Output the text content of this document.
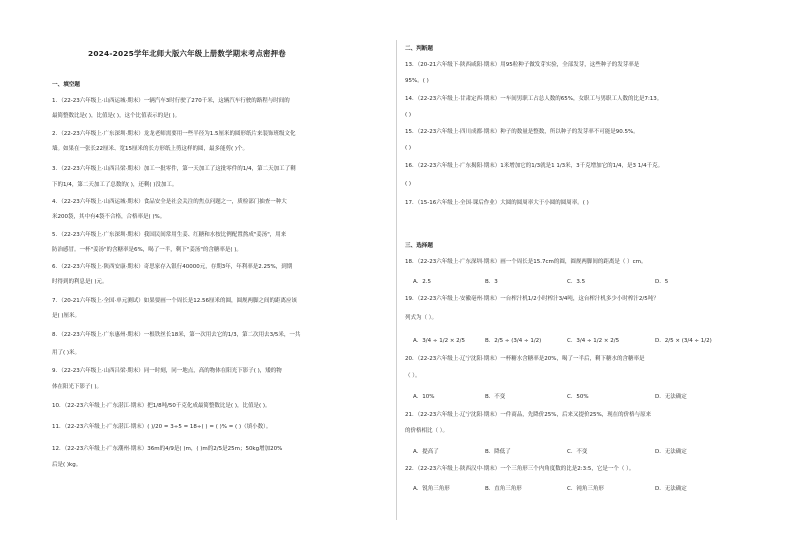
2024-2025学年北师大版六年级上册数学期末考点密押卷
一、填空题
1．（22-23六年级上·山西运城·期末）一辆汽车3时行驶了270千米，这辆汽车行驶的路程与时间的
最简整数比是( )，比值是( )，这个比值表示的是( )。
2．（22-23六年级上·广东深圳·期末）龙龙老师需要用一些半径为1.5厘米的圆形纸片来装饰班级文化
墙。如果在一张长22厘米、宽15厘米的长方形纸上剪这样的圆，最多能剪( )个。
3．（22-23六年级上·山西吕梁·期末）加工一批零件，第一天加工了这批零件的1/4，第二天加工了剩
下的1/4，第二天加工了总数的( )，还剩( )没加工。
4．（22-23六年级上·山西运城·期末）食品安全是社会关注的焦点问题之一，质检部门抽查一种大
米200袋，其中有4袋不合格，合格率是( )%。
5．（22-23六年级上·广东深圳·期末）我国民间常用生姜、红糖和水按比例配置熬成"姜汤"，用来
防治感冒。一杯"姜汤"的含糖率是6%，喝了一半，剩下"姜汤"的含糖率是( )。
6．（22-23六年级上·陕西安康·期末）奇思家存入银行40000元，存期3年，年利率是2.25%，到期
时得到的利息是( )元。
7．（20-21六年级上·全国·单元测试）如果要画一个周长是12.56厘米的圆，圆规两脚之间的距离应该
是( )厘米。
8．（22-23六年级上·广东惠州·期末）一根铁丝长18米，第一次用去它的1/3，第二次用去3/5米，一共
用了( )米。
9．（22-23六年级上·山西吕梁·期末）同一时刻，同一地点，高的物体在阳光下影子( )，矮的物
体在阳光下影子( )。
10．（22-23六年级上·广东湛江·期末）把1/8吨/50千克化成最简整数比是( )，比值是( )。
11．（22-23六年级上·广东湛江·期末）( )/20 = 3÷5 = 18÷( ) = ( )% = ( )（填小数）。
12．（22-23六年级上·广东潮州·期末）36m的4/9是( )m，( )m的2/5是25m；50kg增加20%
后是( )kg。
二、判断题
13．（20-21六年级下·陕西咸阳·期末）用95粒种子做发芽实验，全部发芽，这些种子的发芽率是
95%。( )
14．（22-23六年级上·甘肃定西·期末）一车间男职工占总人数的65%，女职工与男职工人数的比是7:13。
( )
15．（22-23六年级上·四川成都·期末）种子的数量是整数，所以种子的发芽率不可能是90.5%。
( )
16．（22-23六年级上·广东揭阳·期末）1米增加它的1/3就是1 1/3米，3千克增加它的1/4，是3 1/4千克。
( )
17．（15-16六年级上·全国·课后作业）大圆的圆周率大于小圆的圆周率。( )
三、选择题
18．（22-23六年级上·广东深圳·期末）画一个周长是15.7cm的圆，圆规两脚间的距离是（ ）cm。
A．2.5	B．3	C．3.5	D．5
19．（22-23六年级上·安徽亳州·期末）一台榨汁机1/2小时榨汁3/4吨，这台榨汁机多少小时榨汁2/5吨？
列式为（ ）。
A．3/4 ÷ 1/2 × 2/5	B．2/5 ÷ (3/4 ÷ 1/2)	C．3/4 ÷ 1/2 × 2/5	D．2/5 × (3/4 ÷ 1/2)
20．（22-23六年级上·辽宁沈阳·期末）一杯糖水含糖率是20%，喝了一半后，剩下糖水的含糖率是
（ ）。
A．10%	B．不变	C．50%	D．无法确定
21．（22-23六年级上·辽宁沈阳·期末）一件商品，先降价25%，后来又提价25%，现在的价格与原来
的价格相比（ ）。
A．提高了	B．降低了	C．不变	D．无法确定
22．（22-23六年级上·陕西汉中·期末）一个三角形三个内角度数的比是2:3:5，它是一个（ ）。
A．锐角三角形	B．直角三角形	C．钝角三角形	D．无法确定
